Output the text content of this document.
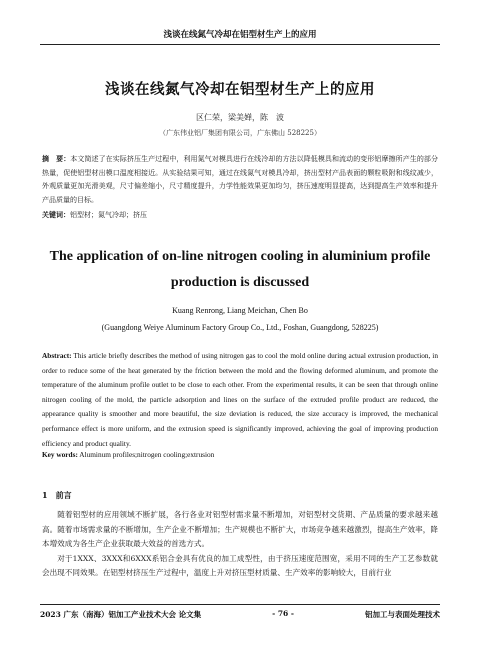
浅谈在线氮气冷却在铝型材生产上的应用
浅谈在线氮气冷却在铝型材生产上的应用
区仁荣，梁美婵，陈　波
（广东伟业铝厂集团有限公司，广东佛山 528225）
摘　要：本文简述了在实际挤压生产过程中，利用氮气对模具进行在线冷却的方法以降低模具和流动的变形铝摩擦所产生的部分热量，促使铝型材出模口温度相接近。从实验结果可知，通过在线氮气对模具冷却，挤出型材产品表面的颗粒吸附和线纹减少，外观质量更加光滑美观，尺寸偏差缩小，尺寸精度提升，力学性能效果更加均匀，挤压速度明显提高，达到提高生产效率和提升产品质量的目标。
关键词：铝型材；氮气冷却；挤压
The application of on-line nitrogen cooling in aluminium profile production is discussed
Kuang Renrong, Liang Meichan, Chen Bo
(Guangdong Weiye Aluminum Factory Group Co., Ltd., Foshan, Guangdong, 528225)
Abstract: This article briefly describes the method of using nitrogen gas to cool the mold online during actual extrusion production, in order to reduce some of the heat generated by the friction between the mold and the flowing deformed aluminum, and promote the temperature of the aluminum profile outlet to be close to each other. From the experimental results, it can be seen that through online nitrogen cooling of the mold, the particle adsorption and lines on the surface of the extruded profile product are reduced, the appearance quality is smoother and more beautiful, the size deviation is reduced, the size accuracy is improved, the mechanical performance effect is more uniform, and the extrusion speed is significantly improved, achieving the goal of improving production efficiency and product quality.
Key words: Aluminum profiles;nitrogen cooling;extrusion
1　前言

随着铝型材的应用领域不断扩展，各行各业对铝型材需求量不断增加，对铝型材交货期、产品质量的要求越来越高。随着市场需求量的不断增加，生产企业不断增加；生产规模也不断扩大，市场竞争越来越激烈，提高生产效率，降本增效成为各生产企业获取最大效益的首选方式。

对于1XXX、3XXX和6XXX系铝合金具有优良的加工成型性，由于挤压速度范围宽，采用不同的生产工艺参数就会出现不同效果。在铝型材挤压生产过程中，温度上升对挤压型材质量、生产效率的影响较大，目前行业

2023 广东（南海）铝加工产业技术大会 论文集	- 76 -	铝加工与表面处理技术
